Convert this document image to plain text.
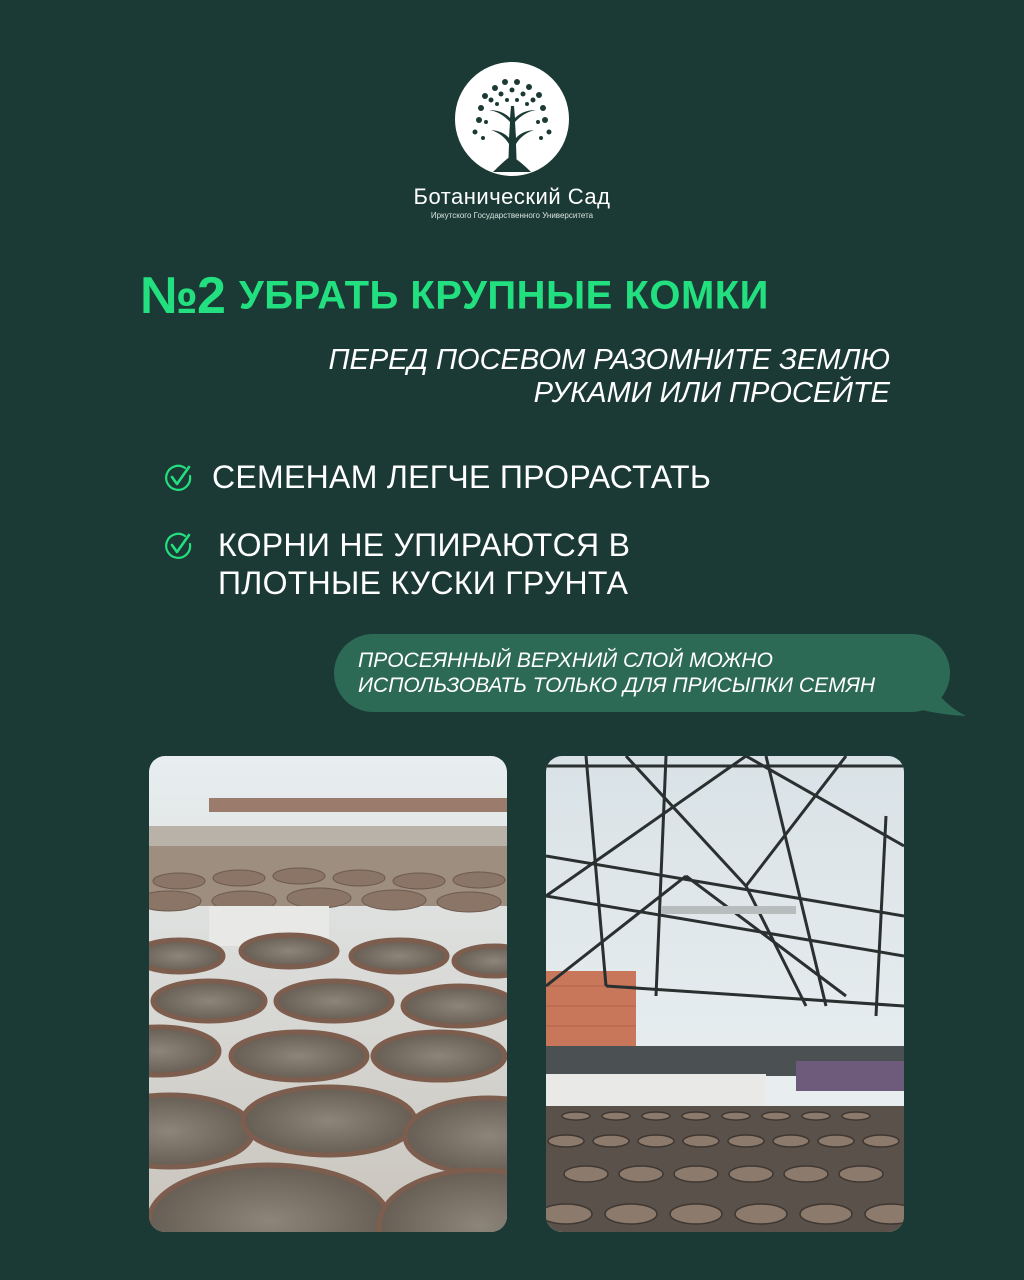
Ботанический Сад
Иркутского Государственного Университета
№2 УБРАТЬ КРУПНЫЕ КОМКИ
ПЕРЕД ПОСЕВОМ РАЗОМНИТЕ ЗЕМЛЮ
РУКАМИ ИЛИ ПРОСЕЙТЕ
СЕМЕНАМ ЛЕГЧЕ ПРОРАСТАТЬ
КОРНИ НЕ УПИРАЮТСЯ В
ПЛОТНЫЕ КУСКИ ГРУНТА
ПРОСЕЯННЫЙ ВЕРХНИЙ СЛОЙ МОЖНО
ИСПОЛЬЗОВАТЬ ТОЛЬКО ДЛЯ ПРИСЫПКИ СЕМЯН
